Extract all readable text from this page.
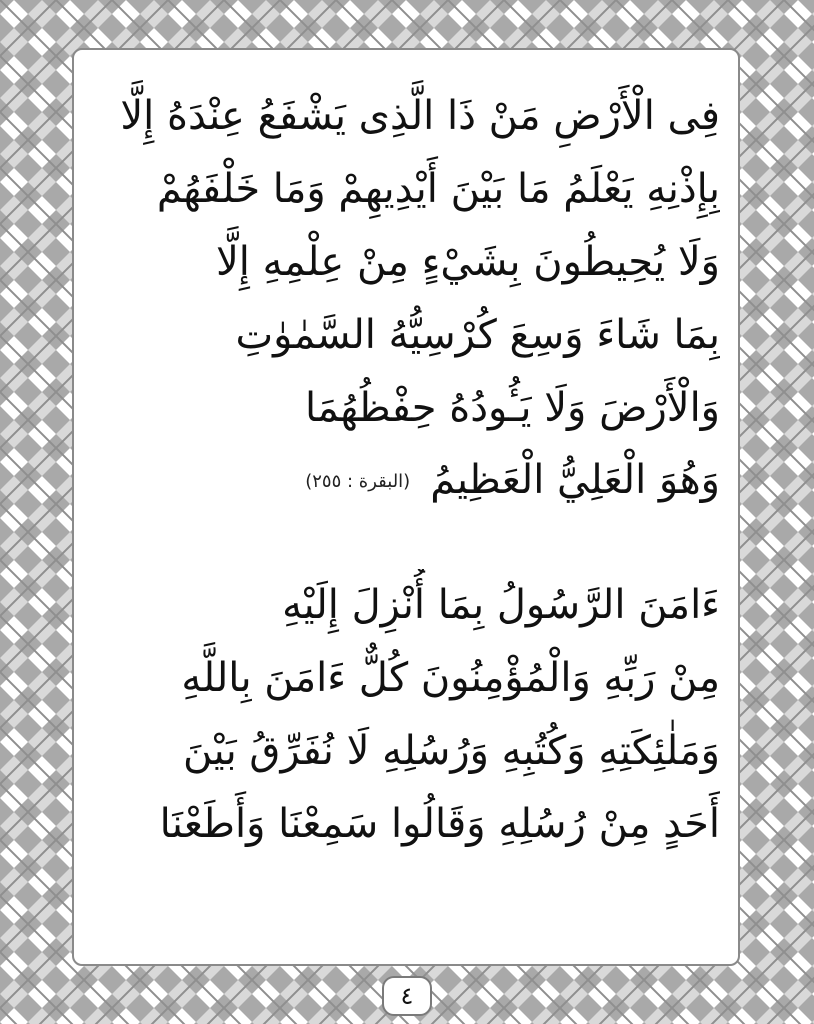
فِى الْأَرْضِ مَنْ ذَا الَّذِى يَشْفَعُ عِنْدَهُ إِلَّا
بِإِذْنِهِ يَعْلَمُ مَا بَيْنَ أَيْدِيهِمْ وَمَا خَلْفَهُمْ
وَلَا يُحِيطُونَ بِشَيْءٍ مِنْ عِلْمِهِ إِلَّا
بِمَا شَاءَ وَسِعَ كُرْسِيُّهُ السَّمٰوٰتِ
وَالْأَرْضَ وَلَا يَـُٔودُهُ حِفْظُهُمَا
وَهُوَ الْعَلِيُّ الْعَظِيمُ(البقرة : ٢٥٥)
ءَامَنَ الرَّسُولُ بِمَا أُنْزِلَ إِلَيْهِ
مِنْ رَبِّهِ وَالْمُؤْمِنُونَ كُلٌّ ءَامَنَ بِاللَّهِ
وَمَلٰئِكَتِهِ وَكُتُبِهِ وَرُسُلِهِ لَا نُفَرِّقُ بَيْنَ
أَحَدٍ مِنْ رُسُلِهِ وَقَالُوا سَمِعْنَا وَأَطَعْنَا
٤
